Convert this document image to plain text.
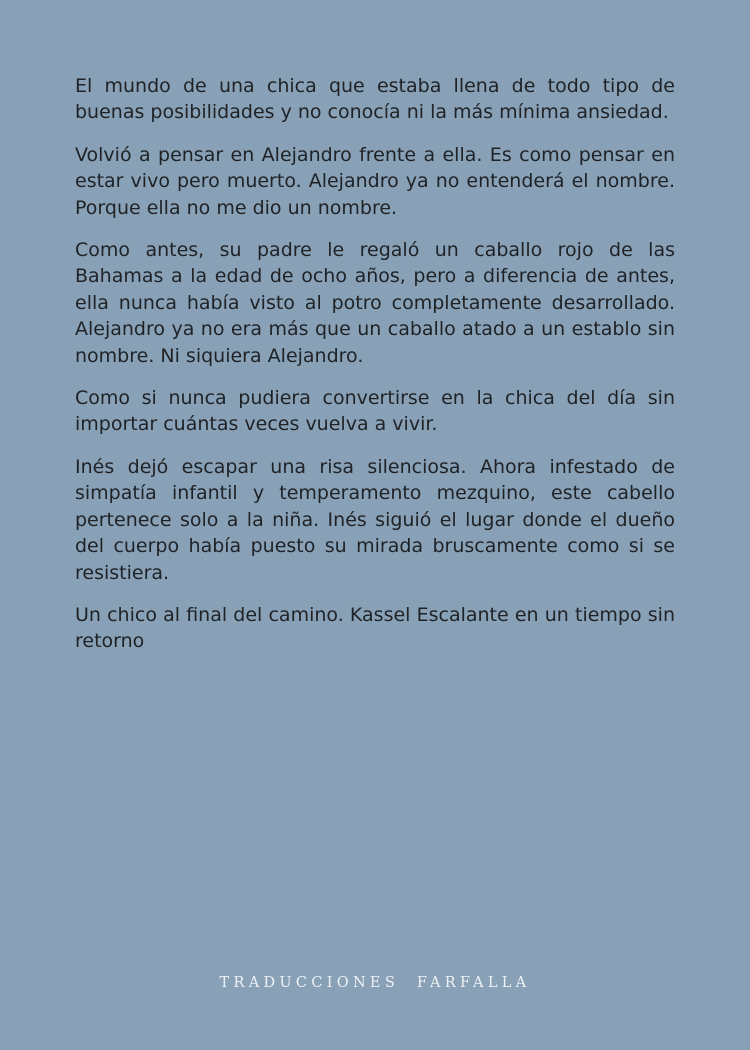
El mundo de una chica que estaba llena de todo tipo de buenas posibilidades y no conocía ni la más mínima ansiedad.

Volvió a pensar en Alejandro frente a ella. Es como pensar en estar vivo pero muerto. Alejandro ya no entenderá el nombre. Porque ella no me dio un nombre.

Como antes, su padre le regaló un caballo rojo de las Bahamas a la edad de ocho años, pero a diferencia de antes, ella nunca había visto al potro completamente desarrollado. Alejandro ya no era más que un caballo atado a un establo sin nombre. Ni siquiera Alejandro.

Como si nunca pudiera convertirse en la chica del día sin importar cuántas veces vuelva a vivir.

Inés dejó escapar una risa silenciosa. Ahora infestado de simpatía infantil y temperamento mezquino, este cabello pertenece solo a la niña. Inés siguió el lugar donde el dueño del cuerpo había puesto su mirada bruscamente como si se resistiera.

Un chico al final del camino. Kassel Escalante en un tiempo sin retorno

TRADUCCIONES  FARFALLA
